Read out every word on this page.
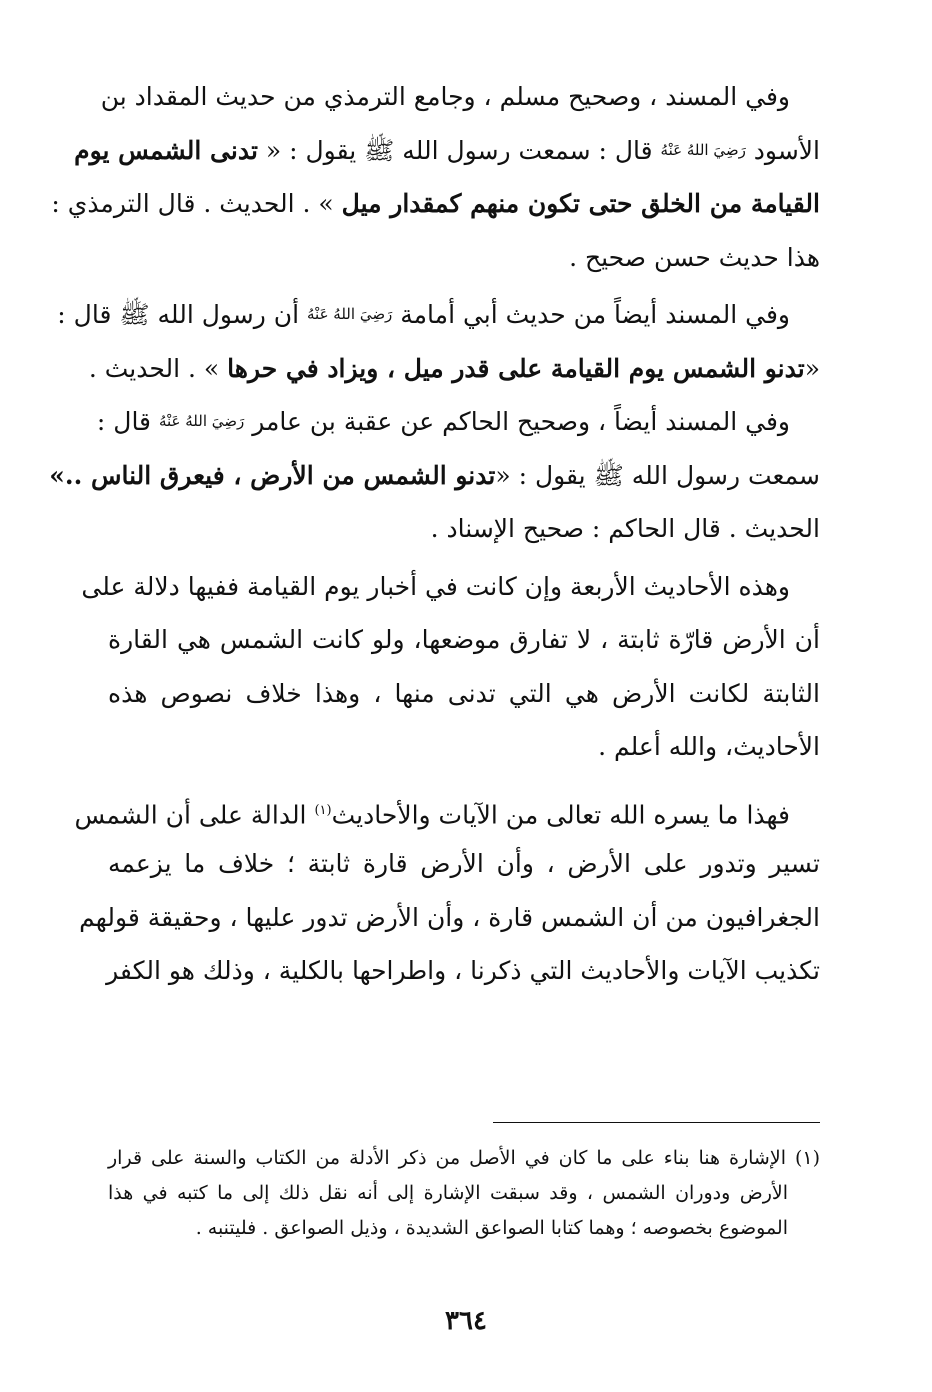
وفي المسند ، وصحيح مسلم ، وجامع الترمذي من حديث المقداد بن
الأسود رَضِيَ اللهُ عَنْهُ قال : سمعت رسول الله ﷺ يقول : « تدنى الشمس يوم
القيامة من الخلق حتى تكون منهم كمقدار ميل » . الحديث . قال الترمذي :
هذا حديث حسن صحيح .
وفي المسند أيضاً من حديث أبي أمامة رَضِيَ اللهُ عَنْهُ أن رسول الله ﷺ قال :
«تدنو الشمس يوم القيامة على قدر ميل ، ويزاد في حرها » . الحديث .
وفي المسند أيضاً ، وصحيح الحاكم عن عقبة بن عامر رَضِيَ اللهُ عَنْهُ قال :
سمعت رسول الله ﷺ يقول : «تدنو الشمس من الأرض ، فيعرق الناس ..»
الحديث . قال الحاكم : صحيح الإسناد .
وهذه الأحاديث الأربعة وإن كانت في أخبار يوم القيامة ففيها دلالة على
أن الأرض قارّة ثابتة ، لا تفارق موضعها، ولو كانت الشمس هي القارة
الثابتة لكانت الأرض هي التي تدنى منها ، وهذا خلاف نصوص هذه
الأحاديث، والله أعلم .
فهذا ما يسره الله تعالى من الآيات والأحاديث$^{(١)}$ الدالة على أن الشمس
تسير وتدور على الأرض ، وأن الأرض قارة ثابتة ؛ خلاف ما يزعمه
الجغرافيون من أن الشمس قارة ، وأن الأرض تدور عليها ، وحقيقة قولهم
تكذيب الآيات والأحاديث التي ذكرنا ، واطراحها بالكلية ، وذلك هو الكفر
(١) الإشارة هنا بناء على ما كان في الأصل من ذكر الأدلة من الكتاب والسنة على قرار
الأرض ودوران الشمس ، وقد سبقت الإشارة إلى أنه نقل ذلك إلى ما كتبه في هذا
الموضوع بخصوصه ؛ وهما كتابا الصواعق الشديدة ، وذيل الصواعق . فليتنبه .
٣٦٤
